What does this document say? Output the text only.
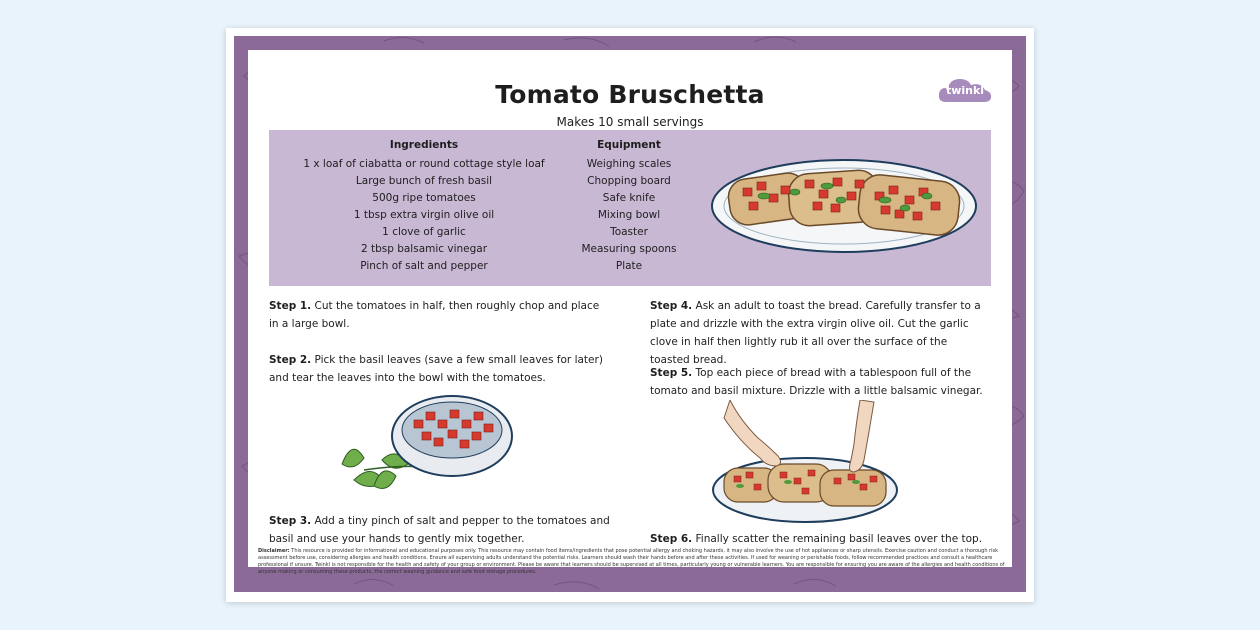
Tomato Bruschetta

Makes 10 small servings

twinkl
Ingredients
1 x loaf of ciabatta or round cottage style loaf
Large bunch of fresh basil
500g ripe tomatoes
1 tbsp extra virgin olive oil
1 clove of garlic
2 tbsp balsamic vinegar
Pinch of salt and pepper
Equipment
Weighing scales
Chopping board
Safe knife
Mixing bowl
Toaster
Measuring spoons
Plate
Step 1. Cut the tomatoes in half, then roughly chop and place in a large bowl.
Step 2. Pick the basil leaves (save a few small leaves for later) and tear the leaves into the bowl with the tomatoes.
Step 3. Add a tiny pinch of salt and pepper to the tomatoes and basil and use your hands to gently mix together.
Step 4. Ask an adult to toast the bread. Carefully transfer to a plate and drizzle with the extra virgin olive oil. Cut the garlic clove in half then lightly rub it all over the surface of the toasted bread.
Step 5. Top each piece of bread with a tablespoon full of the tomato and basil mixture. Drizzle with a little balsamic vinegar.
Step 6. Finally scatter the remaining basil leaves over the top.
Disclaimer: This resource is provided for informational and educational purposes only. This resource may contain food items/ingredients that pose potential allergy and choking hazards, it may also involve the use of hot appliances or sharp utensils. Exercise caution and conduct a thorough risk assessment before use, considering allergies and health conditions. Ensure all supervising adults understand the potential risks. Learners should wash their hands before and after these activities. If used for weaning or perishable foods, follow recommended practices and consult a healthcare professional if unsure. Twinkl is not responsible for the health and safety of your group or environment. Please be aware that learners should be supervised at all times, particularly young or vulnerable learners. You are responsible for ensuring you are aware of the allergies and health conditions of anyone making or consuming these products, the correct weaning guidance and safe food storage procedures.
